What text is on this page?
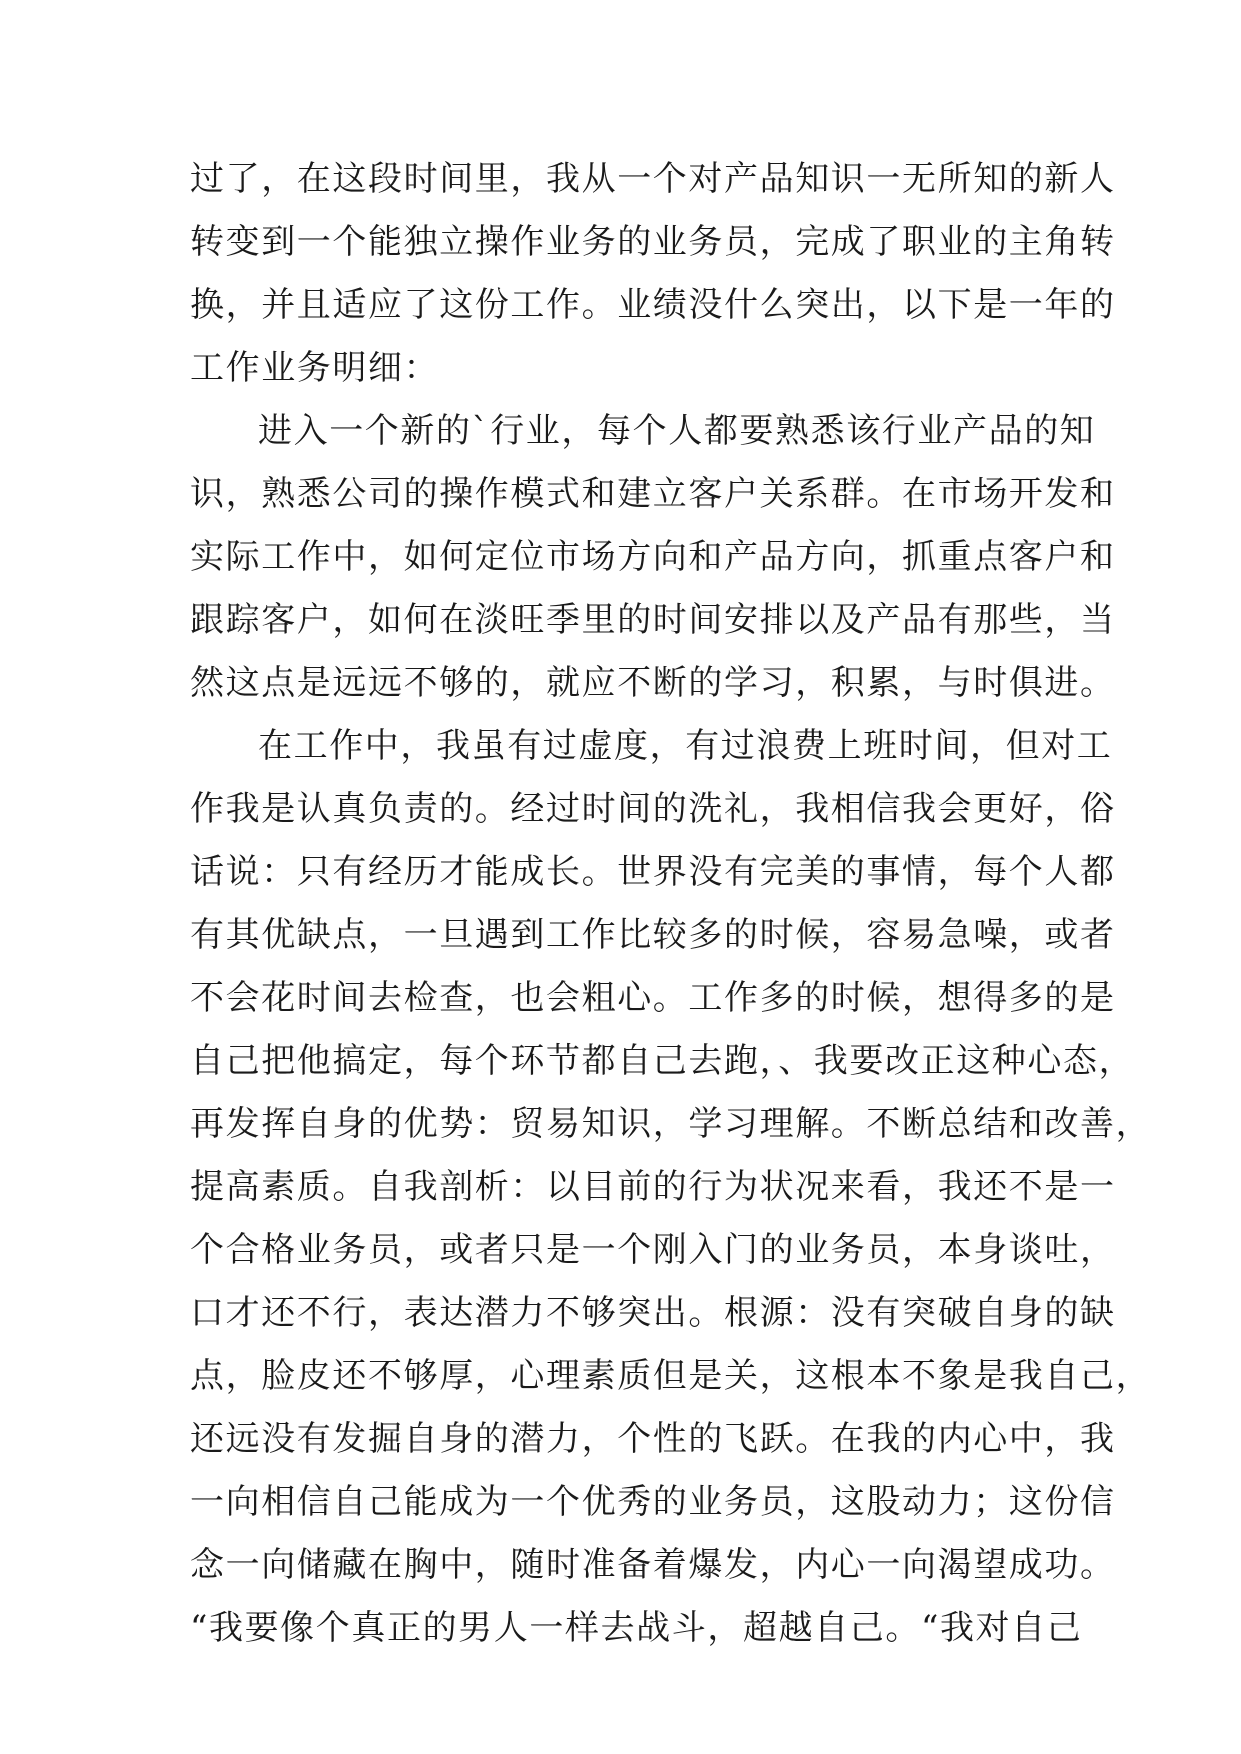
过了，在这段时间里，我从一个对产品知识一无所知的新人
转变到一个能独立操作业务的业务员，完成了职业的主角转
换，并且适应了这份工作。业绩没什么突出，以下是一年的
工作业务明细：
进入一个新的`行业，每个人都要熟悉该行业产品的知
识，熟悉公司的操作模式和建立客户关系群。在市场开发和
实际工作中，如何定位市场方向和产品方向，抓重点客户和
跟踪客户，如何在淡旺季里的时间安排以及产品有那些，当
然这点是远远不够的，就应不断的学习，积累，与时俱进。
在工作中，我虽有过虚度，有过浪费上班时间，但对工
作我是认真负责的。经过时间的洗礼，我相信我会更好，俗
话说：只有经历才能成长。世界没有完美的事情，每个人都
有其优缺点，一旦遇到工作比较多的时候，容易急噪，或者
不会花时间去检查，也会粗心。工作多的时候，想得多的是
自己把他搞定，每个环节都自己去跑，、我要改正这种心态，
再发挥自身的优势：贸易知识，学习理解。不断总结和改善，
提高素质。自我剖析：以目前的行为状况来看，我还不是一
个合格业务员，或者只是一个刚入门的业务员，本身谈吐，
口才还不行，表达潜力不够突出。根源：没有突破自身的缺
点，脸皮还不够厚，心理素质但是关，这根本不象是我自己，
还远没有发掘自身的潜力，个性的飞跃。在我的内心中，我
一向相信自己能成为一个优秀的业务员，这股动力；这份信
念一向储藏在胸中，随时准备着爆发，内心一向渴望成功。
“我要像个真正的男人一样去战斗，超越自己。“我对自己
